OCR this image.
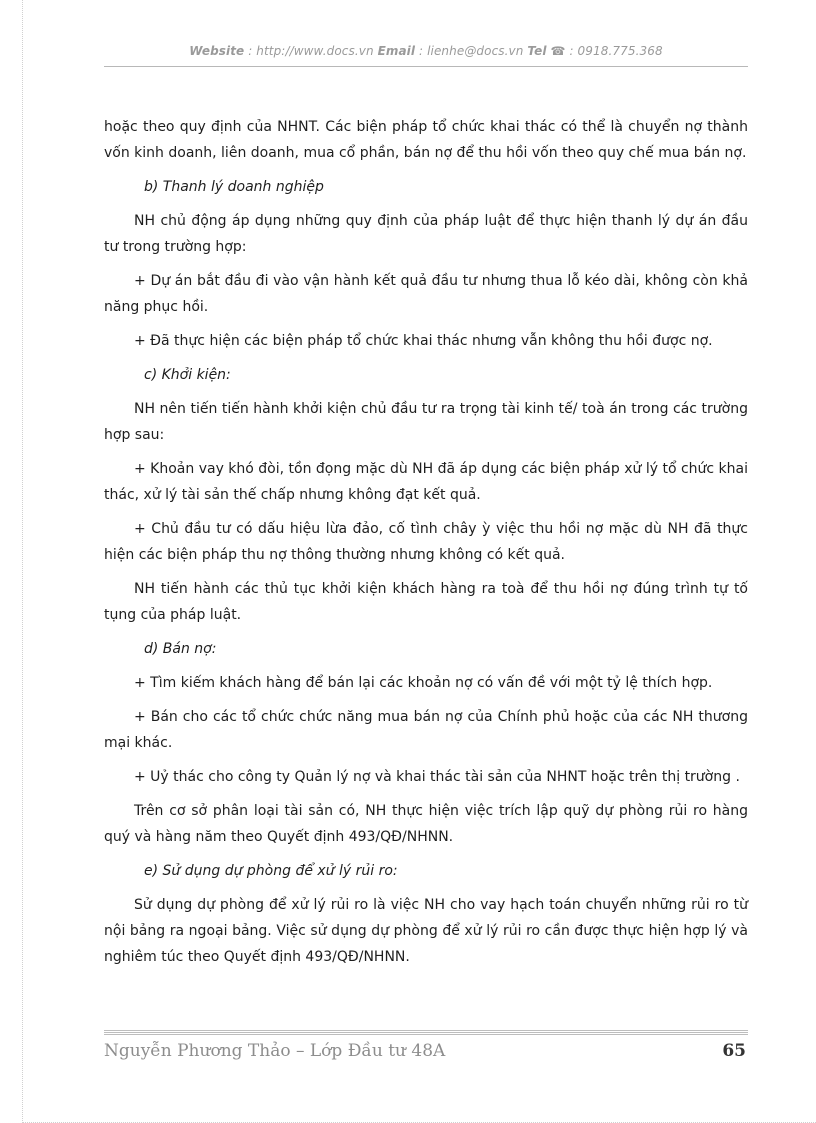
Website : http://www.docs.vn Email : lienhe@docs.vn Tel ☎ : 0918.775.368

hoặc theo quy định của NHNT. Các biện pháp tổ chức khai thác có thể là chuyển nợ thành vốn kinh doanh, liên doanh, mua cổ phần, bán nợ để thu hồi vốn theo quy chế mua bán nợ.

b) Thanh lý doanh nghiệp

NH chủ động áp dụng những quy định của pháp luật để thực hiện thanh lý dự án đầu tư trong trường hợp:

+ Dự án bắt đầu đi vào vận hành kết quả đầu tư nhưng thua lỗ kéo dài, không còn khả năng phục hồi.

+ Đã thực hiện các biện pháp tổ chức khai thác nhưng vẫn không thu hồi được nợ.

c) Khởi kiện:

NH nên tiến tiến hành khởi kiện chủ đầu tư ra trọng tài kinh tế/ toà án trong các trường hợp sau:

+ Khoản vay khó đòi, tồn đọng mặc dù NH đã áp dụng các biện pháp xử lý tổ chức khai thác, xử lý tài sản thế chấp nhưng không đạt kết quả.

+ Chủ đầu tư có dấu hiệu lừa đảo, cố tình chây ỳ việc thu hồi nợ mặc dù NH đã thực hiện các biện pháp thu nợ thông thường nhưng không có kết quả.

NH tiến hành các thủ tục khởi kiện khách hàng ra toà để thu hồi nợ đúng trình tự tố tụng của pháp luật.

d) Bán nợ:

+ Tìm kiếm khách hàng để bán lại các khoản nợ có vấn đề với một tỷ lệ thích hợp.

+ Bán cho các tổ chức chức năng mua bán nợ của Chính phủ hoặc của các NH thương mại khác.

+ Uỷ thác cho công ty Quản lý nợ và khai thác tài sản của NHNT hoặc trên thị trường .

Trên cơ sở phân loại tài sản có, NH thực hiện việc trích lập quỹ dự phòng rủi ro hàng quý và hàng năm theo Quyết định 493/QĐ/NHNN.

e) Sử dụng dự phòng để xử lý rủi ro:

Sử dụng dự phòng để xử lý rủi ro là việc NH cho vay hạch toán chuyển những rủi ro từ nội bảng ra ngoại bảng. Việc sử dụng dự phòng để xử lý rủi ro cần được thực hiện hợp lý và nghiêm túc theo Quyết định 493/QĐ/NHNN.

Nguyễn Phương Thảo – Lớp Đầu tư 48A	65
